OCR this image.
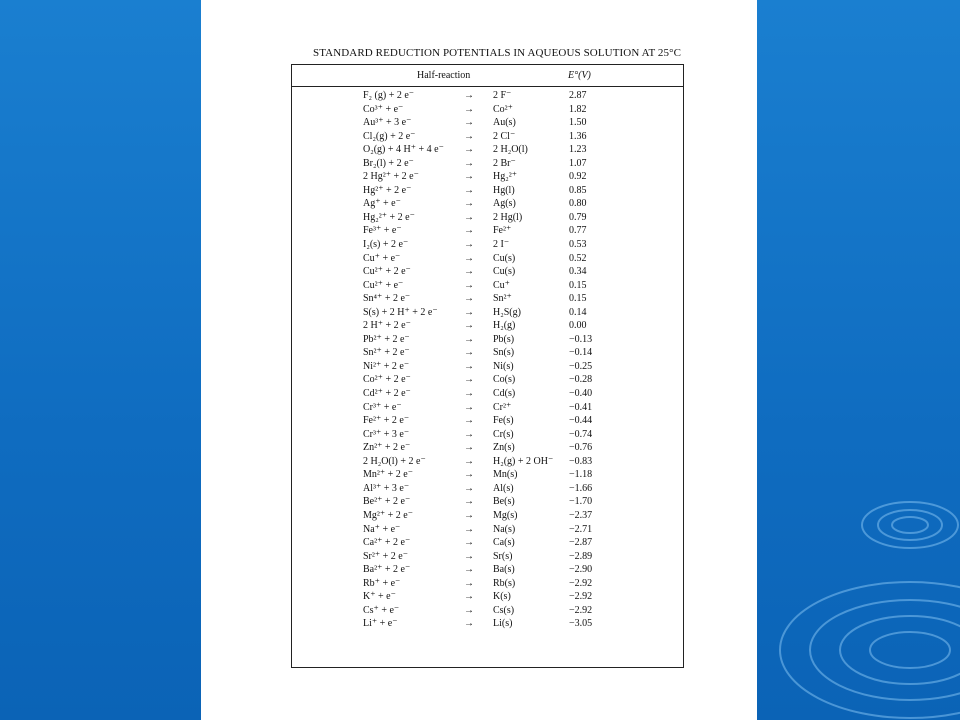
STANDARD REDUCTION POTENTIALS IN AQUEOUS SOLUTION AT 25°C
Half-reaction	E°(V)
F₂ (g) + 2 e⁻	→ 2 F⁻	2.87
Co³⁺ + e⁻	→ Co²⁺	1.82
Au³⁺ + 3 e⁻	→ Au(s)	1.50
Cl₂(g) + 2 e⁻	→ 2 Cl⁻	1.36
O₂(g) + 4 H⁺ + 4 e⁻ → 2 H₂O(l)	1.23
Br₂(l) + 2 e⁻	→ 2 Br⁻	1.07
2 Hg²⁺ + 2 e⁻	→ Hg₂²⁺	0.92
Hg²⁺ + 2 e⁻	→ Hg(l)	0.85
Ag⁺ + e⁻	→ Ag(s)	0.80
Hg₂²⁺ + 2 e⁻	→ 2 Hg(l)	0.79
Fe³⁺ + e⁻	→ Fe²⁺	0.77
I₂(s) + 2 e⁻	→ 2 I⁻	0.53
Cu⁺ + e⁻	→ Cu(s)	0.52
Cu²⁺ + 2 e⁻	→ Cu(s)	0.34
Cu²⁺ + e⁻	→ Cu⁺	0.15
Sn⁴⁺ + 2 e⁻	→ Sn²⁺	0.15
S(s) + 2 H⁺ + 2 e⁻	→ H₂S(g)	0.14
2 H⁺ + 2 e⁻	→ H₂(g)	0.00
Pb²⁺ + 2 e⁻	→ Pb(s)	−0.13
Sn²⁺ + 2 e⁻	→ Sn(s)	−0.14
Ni²⁺ + 2 e⁻	→ Ni(s)	−0.25
Co²⁺ + 2 e⁻	→ Co(s)	−0.28
Cd²⁺ + 2 e⁻	→ Cd(s)	−0.40
Cr³⁺ + e⁻	→ Cr²⁺	−0.41
Fe²⁺ + 2 e⁻	→ Fe(s)	−0.44
Cr³⁺ + 3 e⁻	→ Cr(s)	−0.74
Zn²⁺ + 2 e⁻	→ Zn(s)	−0.76
2 H₂O(l) + 2 e⁻	→ H₂(g) + 2 OH⁻ −0.83
Mn²⁺ + 2 e⁻	→ Mn(s)	−1.18
Al³⁺ + 3 e⁻	→ Al(s)	−1.66
Be²⁺ + 2 e⁻	→ Be(s)	−1.70
Mg²⁺ + 2 e⁻	→ Mg(s)	−2.37
Na⁺ + e⁻	→ Na(s)	−2.71
Ca²⁺ + 2 e⁻	→ Ca(s)	−2.87
Sr²⁺ + 2 e⁻	→ Sr(s)	−2.89
Ba²⁺ + 2 e⁻	→ Ba(s)	−2.90
Rb⁺ + e⁻	→ Rb(s)	−2.92
K⁺ + e⁻	→ K(s)	−2.92
Cs⁺ + e⁻	→ Cs(s)	−2.92
Li⁺ + e⁻	→ Li(s)	−3.05
